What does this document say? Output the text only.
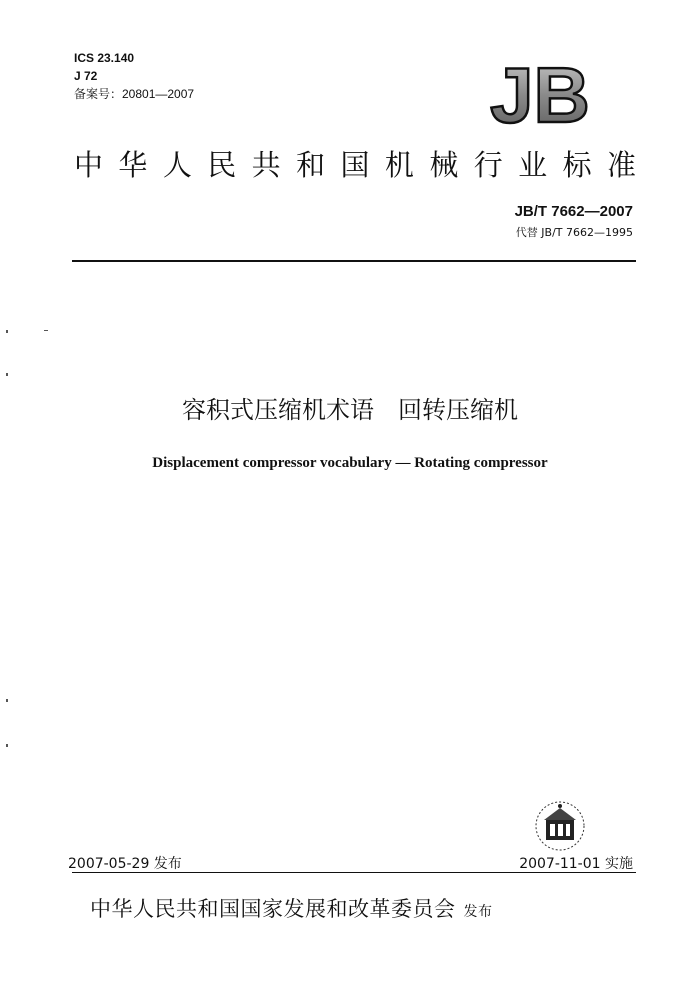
ICS 23.140
J 72
备案号：20801—2007	JB
中华人民共和国机械行业标准
JB/T 7662—2007
代替 JB/T 7662—1995
容积式压缩机术语　回转压缩机
Displacement compressor vocabulary — Rotating compressor
2007-05-29 发布	2007-11-01 实施
中华人民共和国国家发展和改革委员会 发布
